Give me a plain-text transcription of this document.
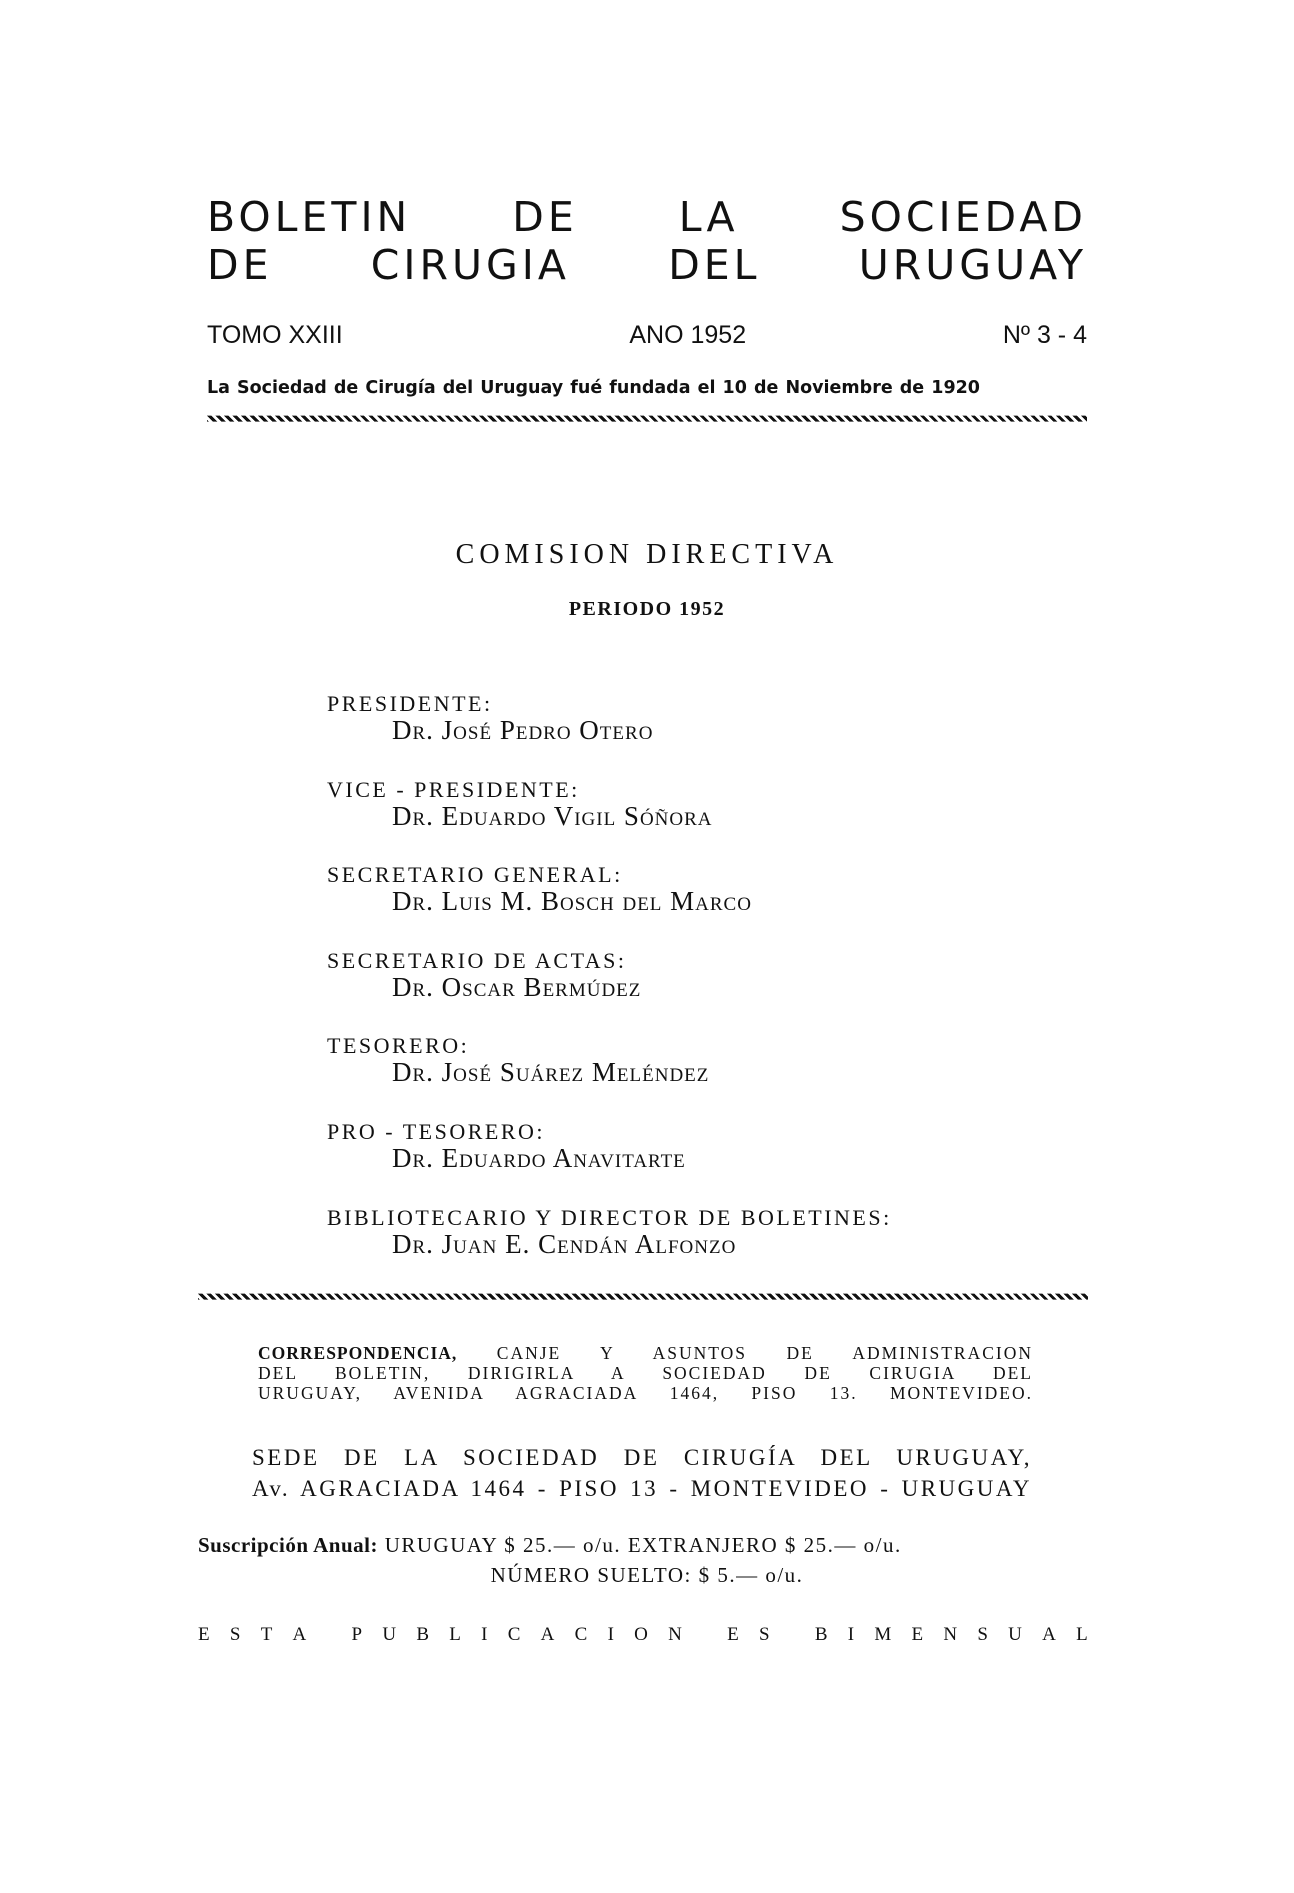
BOLETIN DE LA SOCIEDAD
DE CIRUGIA DEL URUGUAY
TOMO XXIII	ANO 1952	Nº 3 - 4
La Sociedad de Cirugía del Uruguay fué fundada el 10 de Noviembre de 1920
COMISION DIRECTIVA
PERIODO 1952
PRESIDENTE:
Dr. José Pedro Otero
VICE - PRESIDENTE:
Dr. Eduardo Vigil Sóñora
SECRETARIO GENERAL:
Dr. Luis M. Bosch del Marco
SECRETARIO DE ACTAS:
Dr. Oscar Bermúdez
TESORERO:
Dr. José Suárez Meléndez
PRO - TESORERO:
Dr. Eduardo Anavitarte
BIBLIOTECARIO Y DIRECTOR DE BOLETINES:
Dr. Juan E. Cendán Alfonzo
CORRESPONDENCIA, CANJE Y ASUNTOS DE ADMINISTRACION
DEL BOLETIN, DIRIGIRLA A SOCIEDAD DE CIRUGIA DEL
URUGUAY, AVENIDA AGRACIADA 1464, PISO 13. MONTEVIDEO.
SEDE DE LA SOCIEDAD DE CIRUGÍA DEL URUGUAY,
Av. AGRACIADA 1464 - PISO 13 - MONTEVIDEO - URUGUAY
Suscripción Anual: URUGUAY $ 25.— o/u. EXTRANJERO $ 25.— o/u.
NÚMERO SUELTO: $ 5.— o/u.
E S T A
P U B L I C A C I O N
E S
B I M E N S U A L
